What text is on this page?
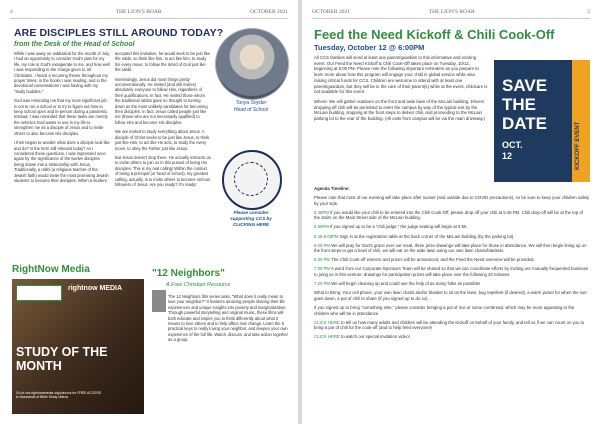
4	THE LION'S ROAR	OCTOBER 2021
ARE DISCIPLES STILL AROUND TODAY?
from the Desk of the Head of School

While I was away on sabbatical for the month of July, I had an opportunity to consider God's plan for my life, my role in God's exasperate to me, and how well I was responding to the charge given to all Christians. I heard a recurring theme throughout my prayer times, in the books I was reading, and in the devotional conversations I was having with my "study buddies."

God was reminding me that my most significant job is not to run a school or to try to figure out how to keep school open and in-person during a pandemic. Instead, I was reminded that these tasks are merely the vehicles God wants to use in my life to strengthen me as a disciple of Jesus and to invite others to also become His disciples.

I then began to wonder what does a disciple look like and do? Is the term still relevant today? As I considered these questions, I was impressed once again by the significance of the twelve disciples being drawn into a relationship with Jesus. Traditionally, a rabbi (a religious teacher of the Jewish faith) would invite the most promising Jewish students to become their disciples. When a student

accepted this invitation, he would seek to be just like the rabbi, so think like him, to act like him, to study his every move, to follow the Word of God just like the rabbi.

Interestingly, Jesus did most things pretty unconventionally. He invited (and still invites) absolutely everyone to follow Him, regardless of their qualifications. In fact, He invited those whom the traditional rabbis gave no thought to turning down as the most unlikely candidates for becoming their disciples. In fact, Jesus called people just like me (those who are not necessarily qualified) to follow Him and become His disciples.

We are invited to study everything about Jesus. A disciple of Christ seeks to be just like Jesus, to think just like Him, to act like He acts, to study the every move, to obey the Father just like Jesus.

But Jesus doesn't stop there. He actually instructs us to invite others to join us in this pursuit of being His disciples. This is my real calling! Within the context of being a principal (or head of school), my greatest calling, actually, is to invite others to become serious followers of Jesus. Are you ready? I'm ready!

Tonya Snyder
Head of School
Please consider
supporting CCS by
CLICKING HERE
RightNow Media
rightnow MEDIA
STUDY OF THE MONTH
Go to ccs.rightnowmedia.org/join/ccs for FREE ACCESS
to thousands of Bible Study videos
"12 Neighbors"
A Free Christian Resource
The 12 Neighbors film series asks, "What does it really mean to love your neighbor?" It features amazing people sharing their life experiences and unique insights into poverty and marginalization. Through powerful storytelling and original music, these films will both educate and inspire you to think differently about what it means to love others and to help affect real change. Learn the 5 practical keys to really loving your neighbor, and deepen your own experience of the full life. Watch, discuss, and take action together as a group.
OCTOBER 2021	THE LION'S ROAR	5
Feed the Need Kickoff & Chili Cook-Off
Tuesday, October 12 @ 6:00PM

All CCS families will send at least one parent/guardian to this informative and exciting event. Our Feed the Need Kickoff & Chili Cook-Off takes place on Tuesday, 10/12, beginning at 6:00 PM. Please note the following important reminders as you prepare to learn more about how this program will engage your child in global service while also raising critical funds for CCS. Children are welcome to attend with at least one parent/guardian, but they will be in the care of their parent(s) while at the event; childcare is not available for this event.

Where: We will gather outdoors on the front and wide lawn of the McLain building. Drivers dropping off chili will be permitted to enter the campus by way of the typical exit by the McLain building, stopping at the front steps to deliver chili, and proceeding to the McLain parking lot to the rear of the building. (All exits from campus will be via the main driveway.)

SAVE
THE
DATE
OCT.
12	KICKOFF EVENT

Agenda Timeline:

Please note that most of our evening will take place after sunset (and outside due to COVID precautions), so be sure to keep your children safely by your side.

5:45PM If you would like your chili to be entered into the Chili Cook-Off, please drop off your chili at 5:45 PM. Chili drop-off will be at the top of the stairs on the Main Street side of the McLain building.

5:55PM If you signed up to be a "chili judge," the judge seating will begin at 5:55.

5:45-6:00PM Sign in at the registration table at the back corner of the McLain building (by the parking lot).

6:05 PM We will pray for God's grace over our meal, three prize drawings will take place for those in attendance. We will then begin lining up on the front steps to get a bowl of chili, we will eat on the wide lawn using our own lawn chairs/blankets.

6:30 PM The Chili Cook-off winners and prizes will be announced, and the Feed the Need overview will be provided.

7:00 PM A word from our Corporate Sponsors Team will be shared so that we can coordinate efforts by inviting our mutually frequented business to joing us in this venture; drawings for participation prizes will take place over the following 20 minutes.

7:20 PM We will begin cleaning up and could use the help of as many folks as possible!

What to Bring: Your cell phone, your own lawn chairs and/or blanket to sit on the lawn, bug repellent (if desired), a warm jacket for when the sun goes down, a pot of chili to share (if you signed up to do so).

If you signed up to bring "something else," please consider bringing a pot of rice or some cornbread, which may be more appealing to the children who will be in attendance.

CLICK HERE to tell us how many adults and children will be attending the Kickoff on behalf of your family, and tell us if we can count on you to bring a pot of chili for the cook-off (and to help feed everyone)!

CLICK HERE to watch our special invitation video!
